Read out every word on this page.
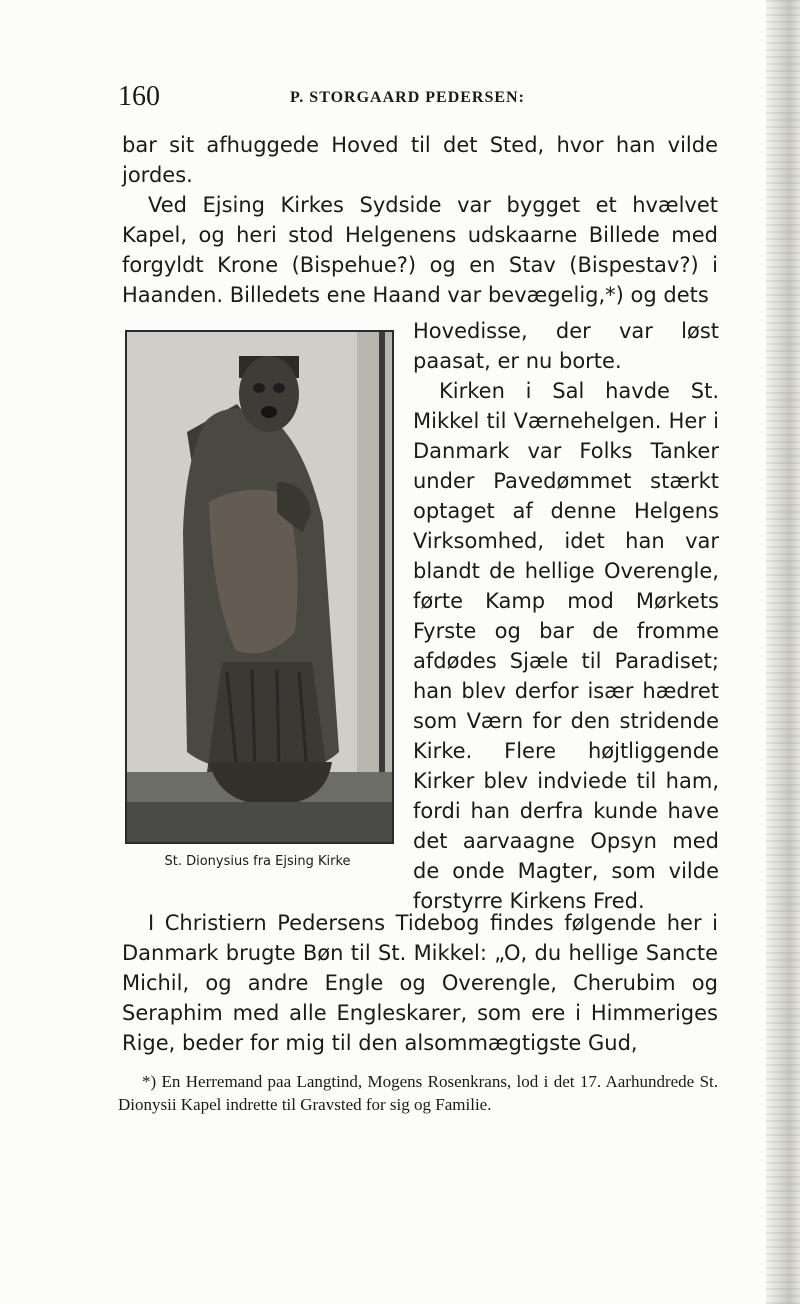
160	P. STORGAARD PEDERSEN:

bar sit afhuggede Hoved til det Sted, hvor han vilde jordes.

Ved Ejsing Kirkes Sydside var bygget et hvælvet Kapel, og heri stod Helgenens udskaarne Billede med forgyldt Krone (Bispehue?) og en Stav (Bispestav?) i Haanden. Billedets ene Haand var bevægelig,*) og dets

Hovedisse, der var løst paasat, er nu borte.

Kirken i Sal havde St. Mikkel til Værnehelgen. Her i Danmark var Folks Tanker under Pavedømmet stærkt optaget af denne Helgens Virksomhed, idet han var blandt de hellige Overengle, førte Kamp mod Mørkets Fyrste og bar de fromme afdødes Sjæle til Paradiset; han blev derfor især hædret som Værn for den stridende Kirke. Flere højtliggende Kirker blev indviede til ham, fordi han derfra kunde have det aarvaagne Opsyn med de onde Magter, som vilde forstyrre Kirkens Fred.

St. Dionysius fra Ejsing Kirke

I Christiern Pedersens Tidebog findes følgende her i Danmark brugte Bøn til St. Mikkel: „O, du hellige Sancte Michil, og andre Engle og Overengle, Cherubim og Seraphim med alle Engleskarer, som ere i Himmeriges Rige, beder for mig til den alsommægtigste Gud,

*) En Herremand paa Langtind, Mogens Rosenkrans, lod i det 17. Aarhundrede St. Dionysii Kapel indrette til Gravsted for sig og Familie.
